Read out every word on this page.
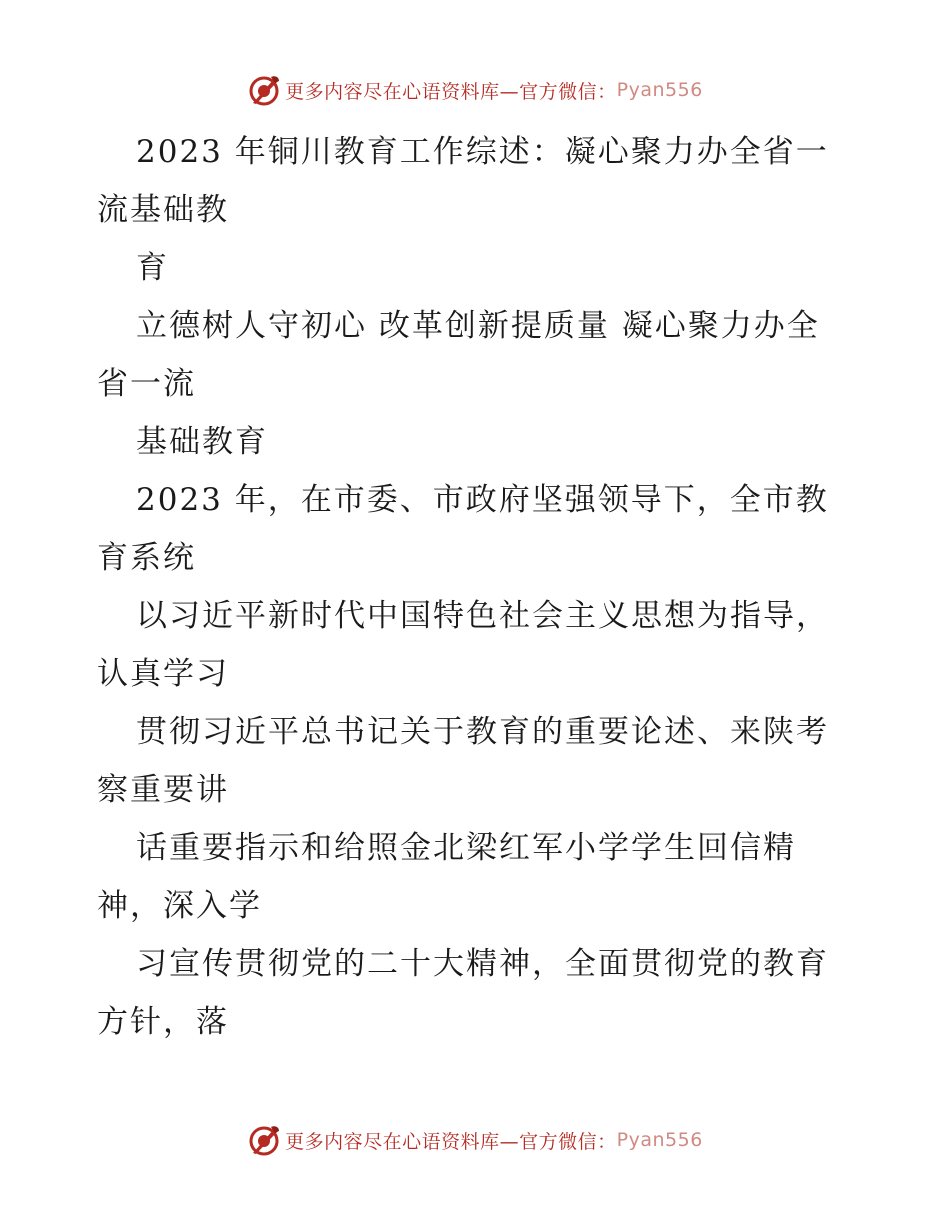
更多内容尽在心语资料库—官方微信： Pyan556
2023 年铜川教育工作综述：凝心聚力办全省一
流基础教
育
立德树人守初心 改革创新提质量 凝心聚力办全
省一流
基础教育
2023 年，在市委、市政府坚强领导下，全市教
育系统
以习近平新时代中国特色社会主义思想为指导，
认真学习
贯彻习近平总书记关于教育的重要论述、来陕考
察重要讲
话重要指示和给照金北梁红军小学学生回信精
神，深入学
习宣传贯彻党的二十大精神，全面贯彻党的教育
方针，落
更多内容尽在心语资料库—官方微信： Pyan556
